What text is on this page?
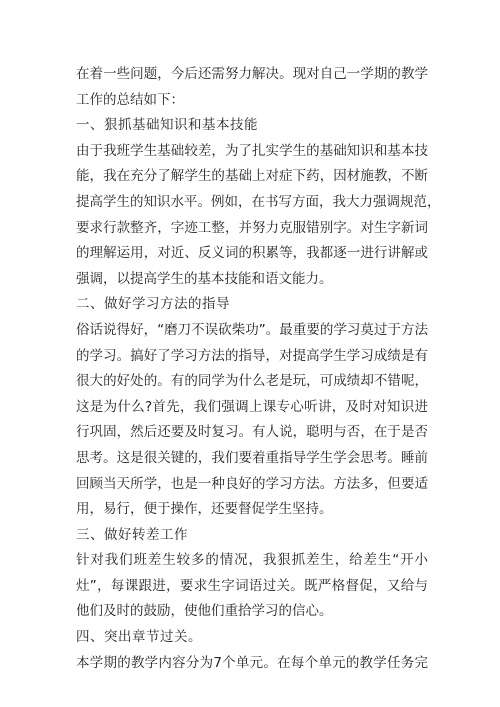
在着一些问题，今后还需努力解决。现对自己一学期的教学
工作的总结如下：
一、狠抓基础知识和基本技能
由于我班学生基础较差，为了扎实学生的基础知识和基本技
能，我在充分了解学生的基础上对症下药，因材施教，不断
提高学生的知识水平。例如，在书写方面，我大力强调规范，
要求行款整齐，字迹工整，并努力克服错别字。对生字新词
的理解运用，对近、反义词的积累等，我都逐一进行讲解或
强调，以提高学生的基本技能和语文能力。
二、做好学习方法的指导
俗话说得好，“磨刀不误砍柴功”。最重要的学习莫过于方法
的学习。搞好了学习方法的指导，对提高学生学习成绩是有
很大的好处的。有的同学为什么老是玩，可成绩却不错呢，
这是为什么?首先，我们强调上课专心听讲，及时对知识进
行巩固，然后还要及时复习。有人说，聪明与否，在于是否
思考。这是很关键的，我们要着重指导学生学会思考。睡前
回顾当天所学，也是一种良好的学习方法。方法多，但要适
用，易行，便于操作，还要督促学生坚持。
三、做好转差工作
针对我们班差生较多的情况，我狠抓差生，给差生“开小
灶”，每课跟进，要求生字词语过关。既严格督促，又给与
他们及时的鼓励，使他们重拾学习的信心。
四、突出章节过关。
本学期的教学内容分为7个单元。在每个单元的教学任务完
